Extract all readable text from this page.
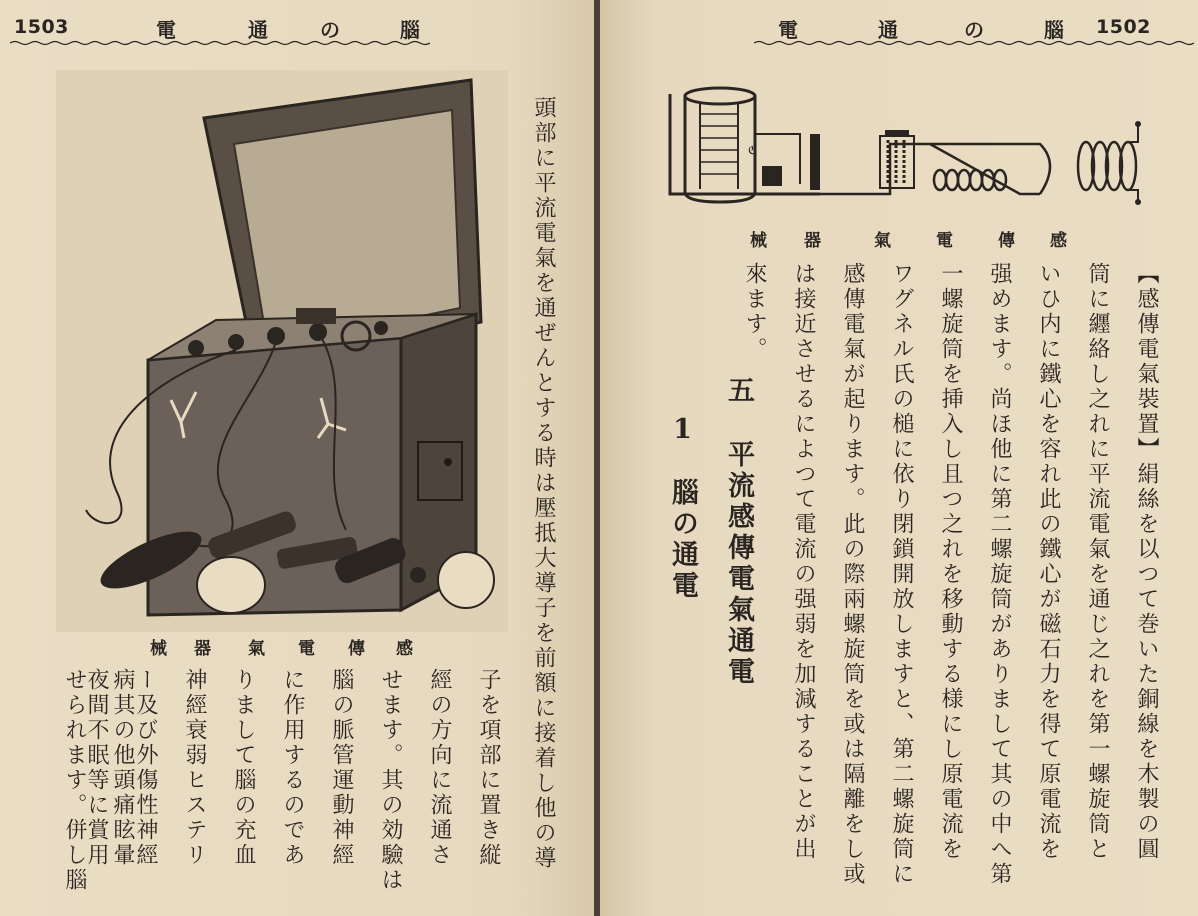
1503	電	通	の	腦
械 器 氣 電 傳 感	頭部に平流電氣を通ぜんとする時は壓抵大導子を前額に接着し他の導
子を項部に置き縦
經の方向に流通さ
せます。其の効驗は
腦の脈管運動神經
に作用するのであ
りまして腦の充血
神經衰弱ヒステリ
ー及び外傷性神經
病其の他頭痛眩暈
夜間不眠等に賞用
せられます。併し腦
電	通	の	腦 1502
ℭ
械 器	氣	電	傳 感
【感傳電氣裝置】絹絲を以つて巻いた銅線を木製の圓
筒に纒絡し之れに平流電氣を通じ之れを第一螺旋筒と
いひ内に鐵心を容れ此の鐵心が磁石力を得て原電流を
强めます。尚ほ他に第二螺旋筒がありまして其の中へ第
一螺旋筒を挿入し且つ之れを移動する様にし原電流を
ワグネル氏の槌に依り閉鎖開放しますと、第二螺旋筒に
感傳電氣が起ります。此の際兩螺旋筒を或は隔離をし或
は接近させるによつて電流の强弱を加減することが出
來ます。
五
平流感傳電氣通電
1
腦の通電
